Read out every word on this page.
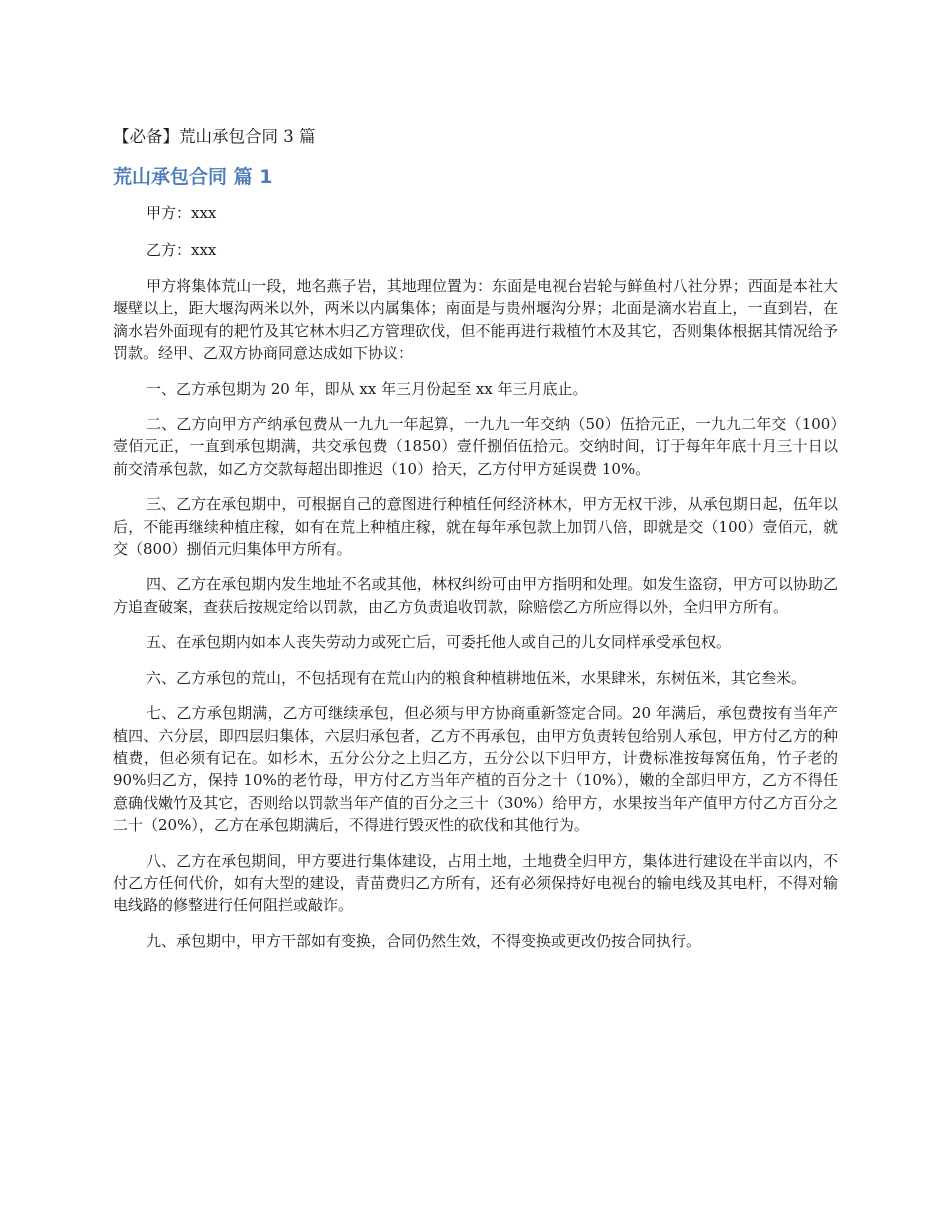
【必备】荒山承包合同 3 篇

荒山承包合同 篇 1

甲方：xxx

乙方：xxx

甲方将集体荒山一段，地名燕子岩，其地理位置为：东面是电视台岩轮与鲜鱼村八社分界；西面是本社大堰壁以上，距大堰沟两米以外，两米以内属集体；南面是与贵州堰沟分界；北面是滴水岩直上，一直到岩，在滴水岩外面现有的耙竹及其它林木归乙方管理砍伐，但不能再进行栽植竹木及其它，否则集体根据其情况给予罚款。经甲、乙双方协商同意达成如下协议：

一、乙方承包期为 20 年，即从 xx 年三月份起至 xx 年三月底止。

二、乙方向甲方产纳承包费从一九九一年起算，一九九一年交纳（50）伍拾元正，一九九二年交（100）壹佰元正，一直到承包期满，共交承包费（1850）壹仟捌佰伍拾元。交纳时间，订于每年年底十月三十日以前交清承包款，如乙方交款每超出即推迟（10）拾天，乙方付甲方延误费 10%。

三、乙方在承包期中，可根据自己的意图进行种植任何经济林木，甲方无权干涉，从承包期日起，伍年以后，不能再继续种植庄稼，如有在荒上种植庄稼，就在每年承包款上加罚八倍，即就是交（100）壹佰元，就交（800）捌佰元归集体甲方所有。

四、乙方在承包期内发生地址不名或其他，林权纠纷可由甲方指明和处理。如发生盗窃，甲方可以协助乙方追查破案，查获后按规定给以罚款，由乙方负责追收罚款，除赔偿乙方所应得以外，全归甲方所有。

五、在承包期内如本人丧失劳动力或死亡后，可委托他人或自己的儿女同样承受承包权。

六、乙方承包的荒山，不包括现有在荒山内的粮食种植耕地伍米，水果肆米，东树伍米，其它叁米。

七、乙方承包期满，乙方可继续承包，但必须与甲方协商重新签定合同。20 年满后，承包费按有当年产植四、六分层，即四层归集体，六层归承包者，乙方不再承包，由甲方负责转包给别人承包，甲方付乙方的种植费，但必须有记在。如杉木，五分公分之上归乙方，五分公以下归甲方，计费标准按每窝伍角，竹子老的 90%归乙方，保持 10%的老竹母，甲方付乙方当年产植的百分之十（10%），嫩的全部归甲方，乙方不得任意确伐嫩竹及其它，否则给以罚款当年产值的百分之三十（30%）给甲方，水果按当年产值甲方付乙方百分之二十（20%），乙方在承包期满后，不得进行毁灭性的砍伐和其他行为。

八、乙方在承包期间，甲方要进行集体建设，占用土地，土地费全归甲方，集体进行建设在半亩以内，不付乙方任何代价，如有大型的建设，青苗费归乙方所有，还有必须保持好电视台的输电线及其电杆，不得对输电线路的修整进行任何阻拦或敲诈。

九、承包期中，甲方干部如有变换，合同仍然生效，不得变换或更改仍按合同执行。
